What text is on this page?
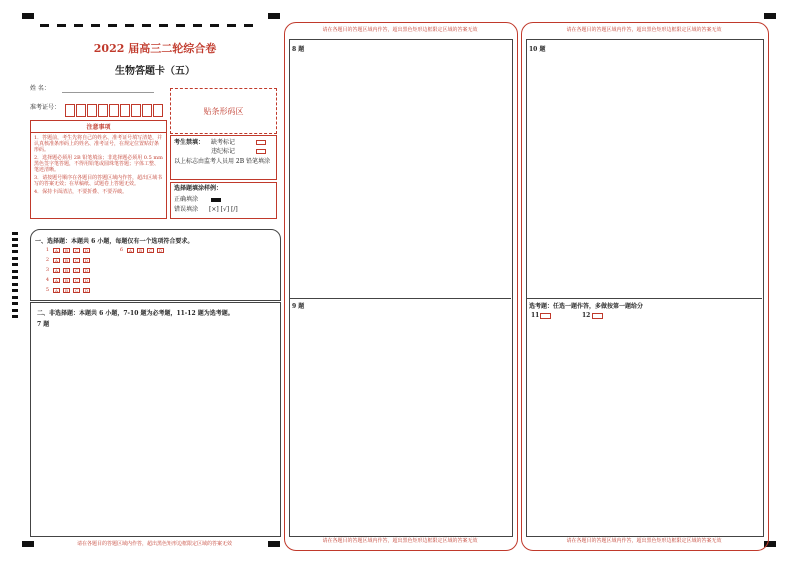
2022 届高三二轮综合卷
生物答题卡（五）
姓 名：
准考证号：	贴条形码区
注意事项
1．答题前，考生先将自己的姓名、准考证号填写清楚，并认真核准条形码上的姓名、准考证号，在规定位置贴好条形码。
2．选择题必须用 2B 铅笔填涂；非选择题必须用 0.5 mm 黑色签字笔答题，不得用铅笔或圆珠笔答题；字体工整、笔迹清晰。
3．请按题号顺序在各题目的答题区域内作答，超出区域书写的答案无效；在草稿纸、试题卷上答题无效。
4．保持卡面清洁，不要折叠、不要弄破。
考生禁填： 缺考标记
违纪标记
以上标志由监考人员用 2B 铅笔填涂
选择题填涂样例：
正确填涂
错误填涂 [×] [√] [/]
一、选择题：本题共 6 小题，每题仅有一个选项符合要求。
1	A	B	C	D
2	A	B	C	D
3	A	B	C	D
4	A	B	C	D
5	A	B	C	D
6	A	B	C	D
二、非选择题：本题共 6 小题，7-10 题为必考题，11-12 题为选考题。
7 题
请在各题目的答题区域内作答，超出黑色矩形边框限定区域的答案无效
请在各题目的答题区域内作答，超出黑色矩形边框限定区域的答案无效
8 题
9 题
请在各题目的答题区域内作答，超出黑色矩形边框限定区域的答案无效
请在各题目的答题区域内作答，超出黑色矩形边框限定区域的答案无效
10 题
选考题：任选一题作答，多做按第一题给分
11	12
请在各题目的答题区域内作答，超出黑色矩形边框限定区域的答案无效
